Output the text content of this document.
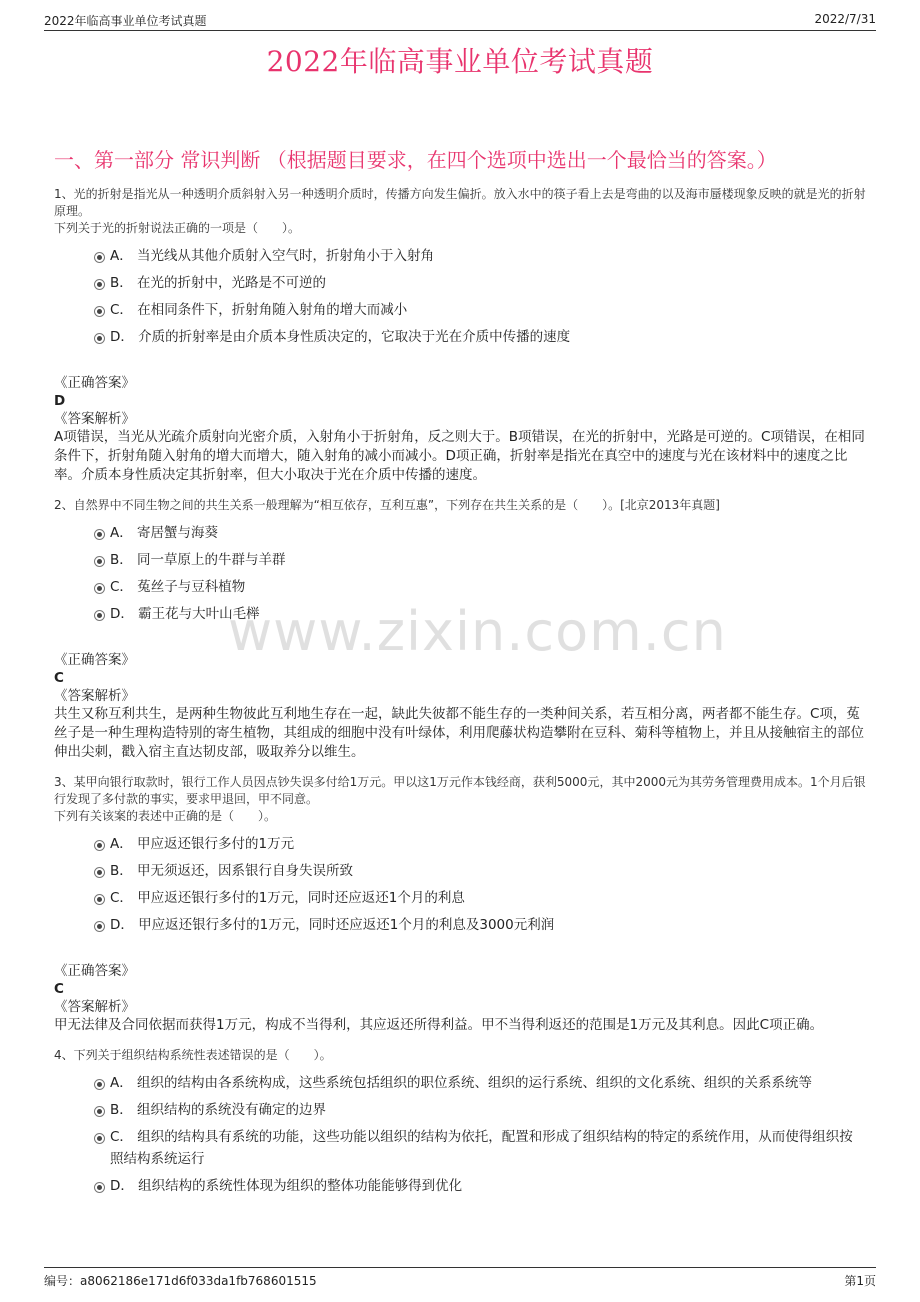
2022年临高事业单位考试真题	2022/7/31
2022年临高事业单位考试真题
一、第一部分 常识判断 （根据题目要求，在四个选项中选出一个最恰当的答案。）
www.zixin.com.cn
1、光的折射是指光从一种透明介质斜射入另一种透明介质时，传播方向发生偏折。放入水中的筷子看上去是弯曲的以及海市蜃楼现象反映的就是光的折射原理。
下列关于光的折射说法正确的一项是（　　）。
A． 当光线从其他介质射入空气时，折射角小于入射角
B． 在光的折射中，光路是不可逆的
C． 在相同条件下，折射角随入射角的增大而减小
D． 介质的折射率是由介质本身性质决定的，它取决于光在介质中传播的速度
《正确答案》
D
《答案解析》
A项错误，当光从光疏介质射向光密介质，入射角小于折射角，反之则大于。B项错误，在光的折射中，光路是可逆的。C项错误，在相同条件下，折射角随入射角的增大而增大，随入射角的减小而减小。D项正确，折射率是指光在真空中的速度与光在该材料中的速度之比率。介质本身性质决定其折射率，但大小取决于光在介质中传播的速度。
2、自然界中不同生物之间的共生关系一般理解为“相互依存，互利互惠”，下列存在共生关系的是（　　）。[北京2013年真题]
A． 寄居蟹与海葵
B． 同一草原上的牛群与羊群
C． 菟丝子与豆科植物
D． 霸王花与大叶山毛榉
《正确答案》
C
《答案解析》
共生又称互利共生，是两种生物彼此互利地生存在一起，缺此失彼都不能生存的一类种间关系，若互相分离，两者都不能生存。C项，菟丝子是一种生理构造特别的寄生植物，其组成的细胞中没有叶绿体，利用爬藤状构造攀附在豆科、菊科等植物上，并且从接触宿主的部位伸出尖刺，戳入宿主直达韧皮部，吸取养分以维生。
3、某甲向银行取款时，银行工作人员因点钞失误多付给1万元。甲以这1万元作本钱经商，获利5000元，其中2000元为其劳务管理费用成本。1个月后银行发现了多付款的事实，要求甲退回，甲不同意。
下列有关该案的表述中正确的是（　　）。
A． 甲应返还银行多付的1万元
B． 甲无须返还，因系银行自身失误所致
C． 甲应返还银行多付的1万元，同时还应返还1个月的利息
D． 甲应返还银行多付的1万元，同时还应返还1个月的利息及3000元利润
《正确答案》
C
《答案解析》
甲无法律及合同依据而获得1万元，构成不当得利，其应返还所得利益。甲不当得利返还的范围是1万元及其利息。因此C项正确。
4、下列关于组织结构系统性表述错误的是（　　）。
A． 组织的结构由各系统构成，这些系统包括组织的职位系统、组织的运行系统、组织的文化系统、组织的关系系统等
B． 组织结构的系统没有确定的边界
C． 组织的结构具有系统的功能，这些功能以组织的结构为依托，配置和形成了组织结构的特定的系统作用，从而使得组织按照结构系统运行
D． 组织结构的系统性体现为组织的整体功能能够得到优化
编号：a8062186e171d6f033da1fb768601515	第1页
